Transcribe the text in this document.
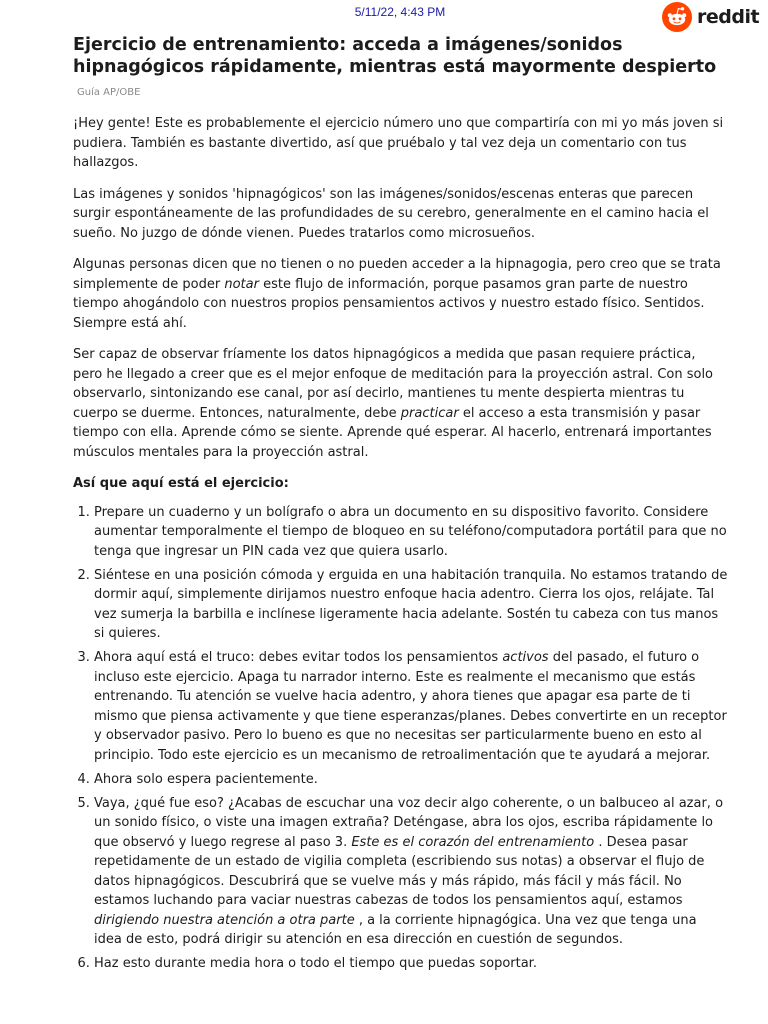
5/11/22, 4:43 PM	reddit
Ejercicio de entrenamiento: acceda a imágenes/sonidos hipnagógicos rápidamente, mientras está mayormente despierto
Guía AP/OBE

¡Hey gente! Este es probablemente el ejercicio número uno que compartiría con mi yo más joven si pudiera. También es bastante divertido, así que pruébalo y tal vez deja un comentario con tus hallazgos.

Las imágenes y sonidos 'hipnagógicos' son las imágenes/sonidos/escenas enteras que parecen surgir espontáneamente de las profundidades de su cerebro, generalmente en el camino hacia el sueño. No juzgo de dónde vienen. Puedes tratarlos como microsueños.

Algunas personas dicen que no tienen o no pueden acceder a la hipnagogia, pero creo que se trata simplemente de poder notar este flujo de información, porque pasamos gran parte de nuestro tiempo ahogándolo con nuestros propios pensamientos activos y nuestro estado físico. Sentidos. Siempre está ahí.

Ser capaz de observar fríamente los datos hipnagógicos a medida que pasan requiere práctica, pero he llegado a creer que es el mejor enfoque de meditación para la proyección astral. Con solo observarlo, sintonizando ese canal, por así decirlo, mantienes tu mente despierta mientras tu cuerpo se duerme. Entonces, naturalmente, debe practicar el acceso a esta transmisión y pasar tiempo con ella. Aprende cómo se siente. Aprende qué esperar. Al hacerlo, entrenará importantes músculos mentales para la proyección astral.

Así que aquí está el ejercicio:

1. Prepare un cuaderno y un bolígrafo o abra un documento en su dispositivo favorito. Considere aumentar temporalmente el tiempo de bloqueo en su teléfono/computadora portátil para que no tenga que ingresar un PIN cada vez que quiera usarlo.
2. Siéntese en una posición cómoda y erguida en una habitación tranquila. No estamos tratando de dormir aquí, simplemente dirijamos nuestro enfoque hacia adentro. Cierra los ojos, relájate. Tal vez sumerja la barbilla e inclínese ligeramente hacia adelante. Sostén tu cabeza con tus manos si quieres.
3. Ahora aquí está el truco: debes evitar todos los pensamientos activos del pasado, el futuro o incluso este ejercicio. Apaga tu narrador interno. Este es realmente el mecanismo que estás entrenando. Tu atención se vuelve hacia adentro, y ahora tienes que apagar esa parte de ti mismo que piensa activamente y que tiene esperanzas/planes. Debes convertirte en un receptor y observador pasivo. Pero lo bueno es que no necesitas ser particularmente bueno en esto al principio. Todo este ejercicio es un mecanismo de retroalimentación que te ayudará a mejorar.
4. Ahora solo espera pacientemente.
5. Vaya, ¿qué fue eso? ¿Acabas de escuchar una voz decir algo coherente, o un balbuceo al azar, o un sonido físico, o viste una imagen extraña? Deténgase, abra los ojos, escriba rápidamente lo que observó y luego regrese al paso 3. Este es el corazón del entrenamiento . Desea pasar repetidamente de un estado de vigilia completa (escribiendo sus notas) a observar el flujo de datos hipnagógicos. Descubrirá que se vuelve más y más rápido, más fácil y más fácil. No estamos luchando para vaciar nuestras cabezas de todos los pensamientos aquí, estamos dirigiendo nuestra atención a otra parte , a la corriente hipnagógica. Una vez que tenga una idea de esto, podrá dirigir su atención en esa dirección en cuestión de segundos.
6. Haz esto durante media hora o todo el tiempo que puedas soportar.
